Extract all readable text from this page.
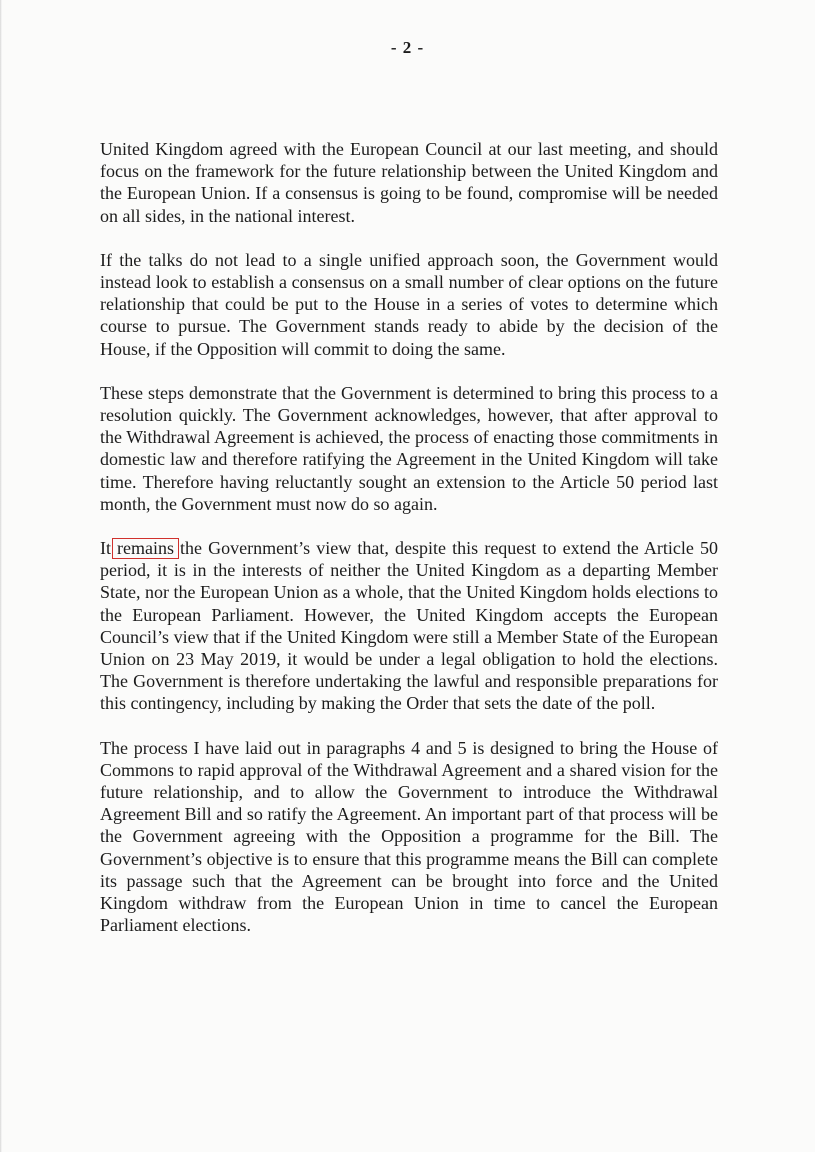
- 2 -

United Kingdom agreed with the European Council at our last meeting, and should focus on the framework for the future relationship between the United Kingdom and the European Union. If a consensus is going to be found, compromise will be needed on all sides, in the national interest.

If the talks do not lead to a single unified approach soon, the Government would instead look to establish a consensus on a small number of clear options on the future relationship that could be put to the House in a series of votes to determine which course to pursue. The Government stands ready to abide by the decision of the House, if the Opposition will commit to doing the same.

These steps demonstrate that the Government is determined to bring this process to a resolution quickly. The Government acknowledges, however, that after approval to the Withdrawal Agreement is achieved, the process of enacting those commitments in domestic law and therefore ratifying the Agreement in the United Kingdom will take time. Therefore having reluctantly sought an extension to the Article 50 period last month, the Government must now do so again.

It remains the Government’s view that, despite this request to extend the Article 50 period, it is in the interests of neither the United Kingdom as a departing Member State, nor the European Union as a whole, that the United Kingdom holds elections to the European Parliament. However, the United Kingdom accepts the European Council’s view that if the United Kingdom were still a Member State of the European Union on 23 May 2019, it would be under a legal obligation to hold the elections. The Government is therefore undertaking the lawful and responsible preparations for this contingency, including by making the Order that sets the date of the poll.

The process I have laid out in paragraphs 4 and 5 is designed to bring the House of Commons to rapid approval of the Withdrawal Agreement and a shared vision for the future relationship, and to allow the Government to introduce the Withdrawal Agreement Bill and so ratify the Agreement. An important part of that process will be the Government agreeing with the Opposition a programme for the Bill. The Government’s objective is to ensure that this programme means the Bill can complete its passage such that the Agreement can be brought into force and the United Kingdom withdraw from the European Union in time to cancel the European Parliament elections.
